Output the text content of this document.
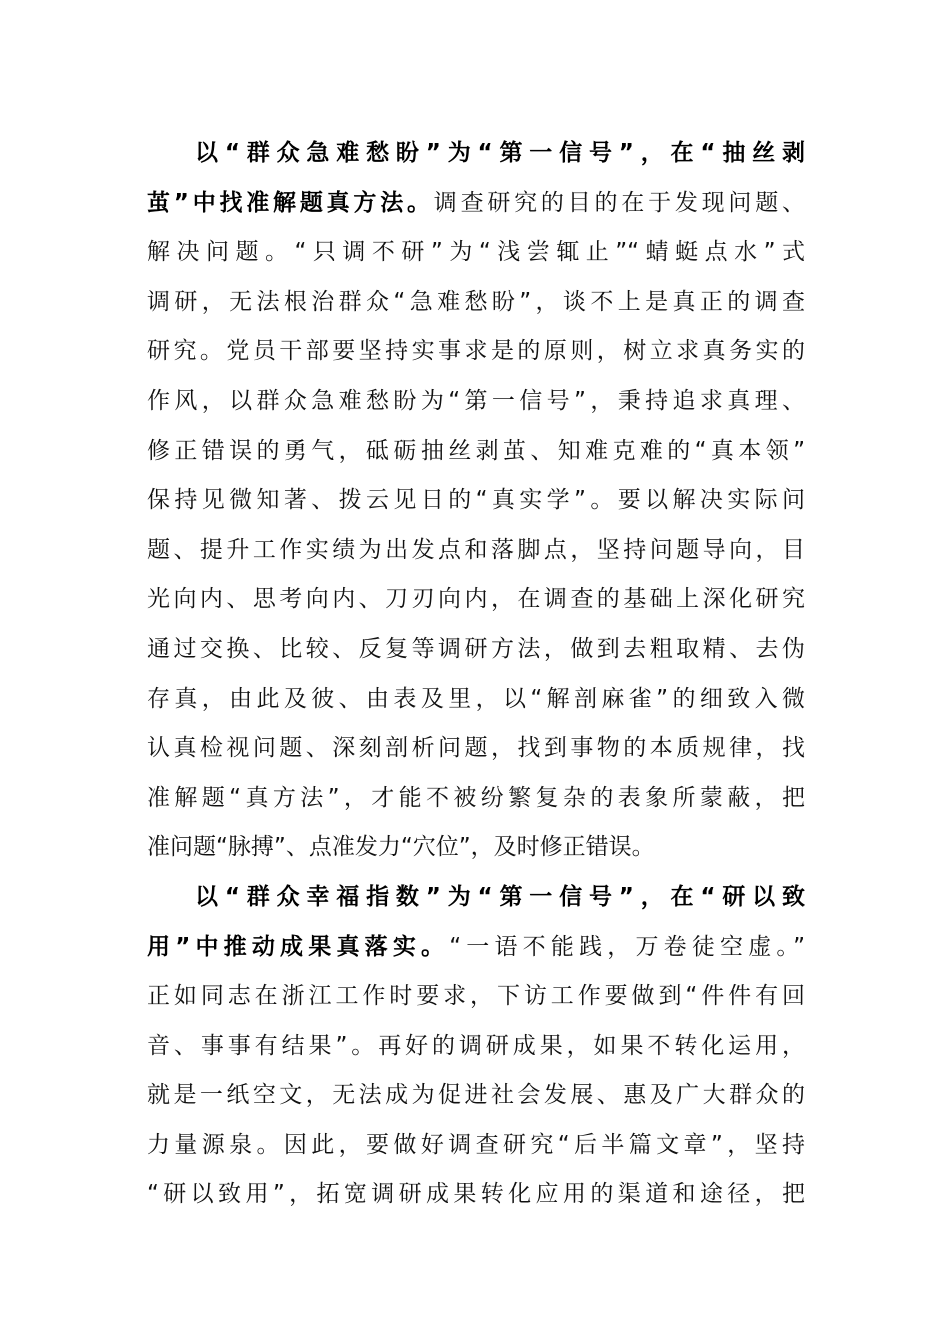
以“群众急难愁盼”为“第一信号”，在“抽丝剥
茧”中找准解题真方法。调查研究的目的在于发现问题、
解决问题。“只调不研”为“浅尝辄止”“蜻蜓点水”式
调研，无法根治群众“急难愁盼”，谈不上是真正的调查
研究。党员干部要坚持实事求是的原则，树立求真务实的
作风，以群众急难愁盼为“第一信号”，秉持追求真理、
修正错误的勇气，砥砺抽丝剥茧、知难克难的“真本领”
保持见微知著、拨云见日的“真实学”。要以解决实际问
题、提升工作实绩为出发点和落脚点，坚持问题导向，目
光向内、思考向内、刀刃向内，在调查的基础上深化研究
通过交换、比较、反复等调研方法，做到去粗取精、去伪
存真，由此及彼、由表及里，以“解剖麻雀”的细致入微
认真检视问题、深刻剖析问题，找到事物的本质规律，找
准解题“真方法”，才能不被纷繁复杂的表象所蒙蔽，把
准问题“脉搏”、点准发力“穴位”，及时修正错误。
以“群众幸福指数”为“第一信号”，在“研以致
用”中推动成果真落实。“一语不能践，万卷徒空虚。”
正如同志在浙江工作时要求，下访工作要做到“件件有回
音、事事有结果”。再好的调研成果，如果不转化运用，
就是一纸空文，无法成为促进社会发展、惠及广大群众的
力量源泉。因此，要做好调查研究“后半篇文章”，坚持
“研以致用”，拓宽调研成果转化应用的渠道和途径，把
